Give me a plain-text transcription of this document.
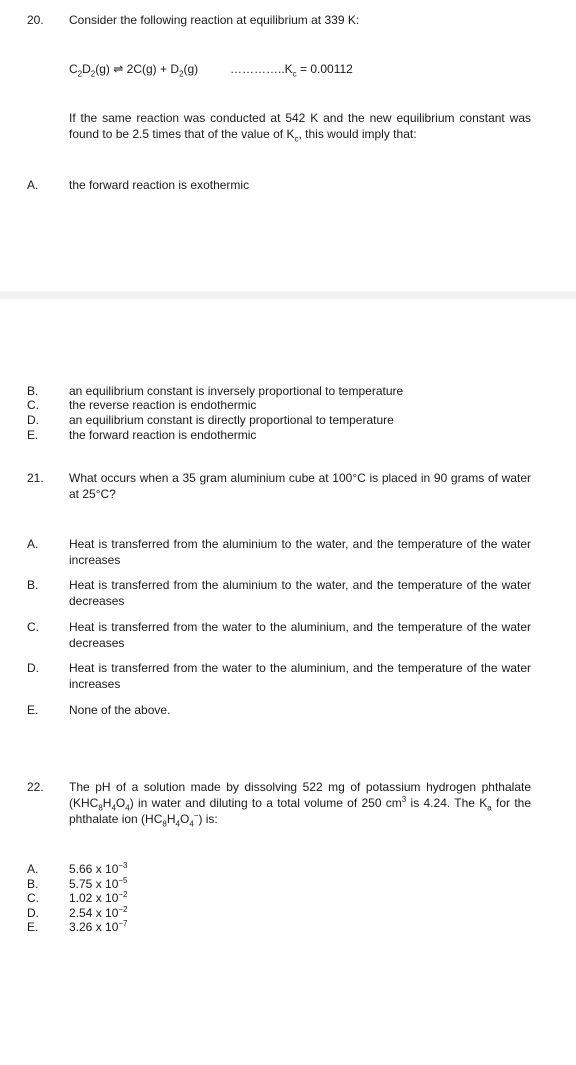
20. Consider the following reaction at equilibrium at 339 K:
$C_2D_2(g)$ ⇌ $2C(g) + D_2(g)$	$\dots\dots\dots\dots..K_c = 0.00112$
If the same reaction was conducted at 542 K and the new equilibrium constant was found to be 2.5 times that of the value of $K_c$, this would imply that:
A.	the forward reaction is exothermic
B.	an equilibrium constant is inversely proportional to temperature
C.	the reverse reaction is endothermic
D.	an equilibrium constant is directly proportional to temperature
E.	the forward reaction is endothermic
21. What occurs when a 35 gram aluminium cube at 100°C is placed in 90 grams of water at 25°C?
A.	Heat is transferred from the aluminium to the water, and the temperature of the water increases
B.	Heat is transferred from the aluminium to the water, and the temperature of the water decreases
C.	Heat is transferred from the water to the aluminium, and the temperature of the water decreases
D.	Heat is transferred from the water to the aluminium, and the temperature of the water increases
E.	None of the above.
22. The pH of a solution made by dissolving 522 mg of potassium hydrogen phthalate $(KHC_8H_4O_4)$ in water and diluting to a total volume of 250 $cm^3$ is 4.24. The $K_a$ for the phthalate ion $(HC_8H_4O_4^-)$ is:
A.	5.66 x $10^{-3}$
B.	5.75 x $10^{-5}$
C.	1.02 x $10^{-2}$
D.	2.54 x $10^{-2}$
E.	3.26 x $10^{-7}$
